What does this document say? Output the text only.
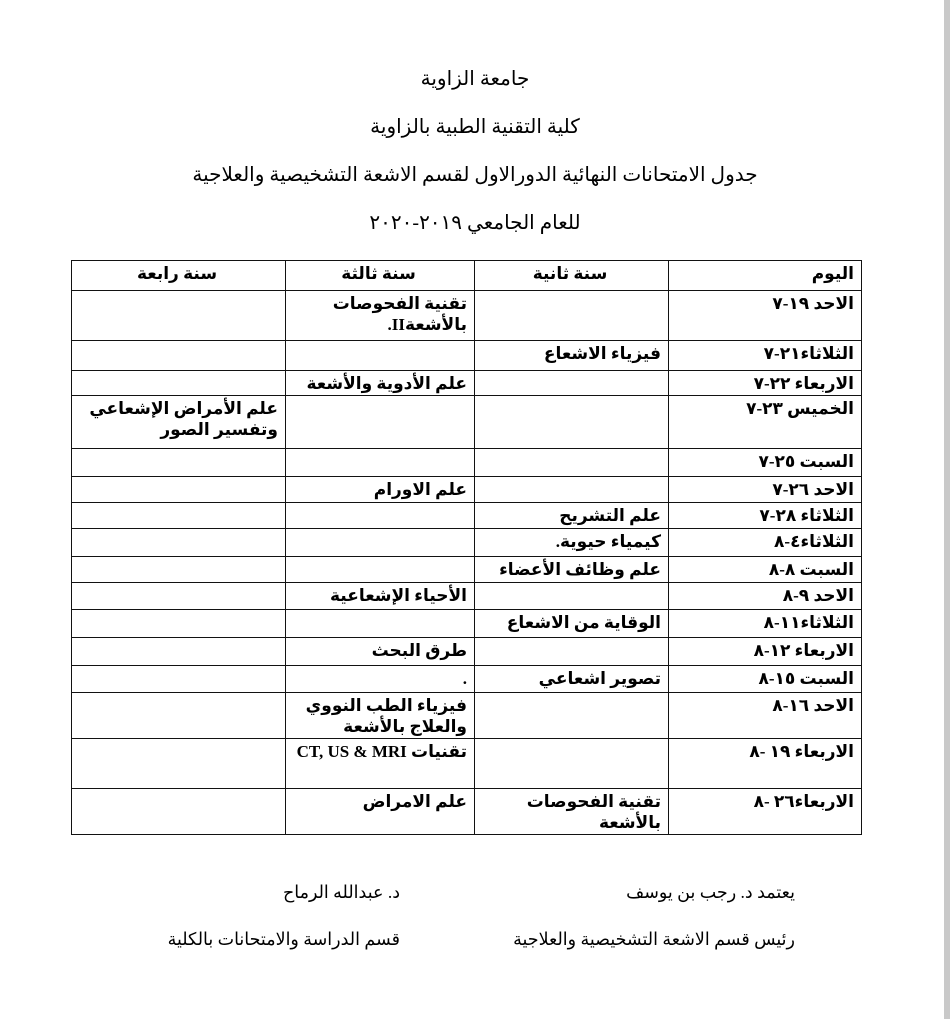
جامعة الزاوية
كلية التقنية الطبية بالزاوية
جدول الامتحانات النهائية الدورالاول لقسم الاشعة التشخيصية والعلاجية
للعام الجامعي ٢٠١٩-٢٠٢٠
اليوم	سنة ثانية	سنة ثالثة	سنة رابعة
الاحد ١٩-٧		تقنية الفحوصات بالأشعةII.	
الثلاثاء٢١-٧	فيزياء الاشعاع		
الاربعاء ٢٢-٧		علم الأدوية والأشعة	
الخميس ٢٣-٧			علم الأمراض الإشعاعي وتفسير الصور
السبت ٢٥-٧			
الاحد ٢٦-٧		علم الاورام	
الثلاثاء ٢٨-٧	علم التشريح		
الثلاثاء٤-٨	كيمياء حيوية.		
السبت ٨-٨	علم وظائف الأعضاء		
الاحد ٩-٨		الأحياء الإشعاعية	
الثلاثاء١١-٨	الوقاية من الاشعاع		
الاربعاء ١٢-٨		طرق البحث	
السبت ١٥-٨	تصوير اشعاعي	.	
الاحد ١٦-٨		فيزياء الطب النووي والعلاج بالأشعة	
الاربعاء ١٩ -٨		تقنيات CT, US & MRI	
الاربعاء٢٦ -٨	تقنية الفحوصات بالأشعة	علم الامراض	
يعتمد د. رجب بن يوسف
رئيس قسم الاشعة التشخيصية والعلاجية
د. عبدالله الرماح
قسم الدراسة والامتحانات بالكلية
